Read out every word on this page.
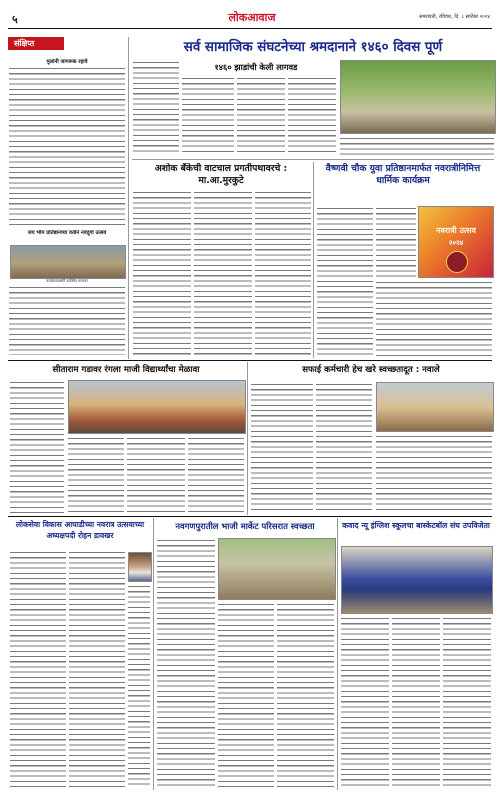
५	लोकआवाज	अमरावती, रविवार, दि. ८ सप्टेंबर २०२४
संक्षिप्त
मुलांनी जागरूक रहावे
जय भीम प्रतिष्ठानच्या वतीने नवदुर्गा उत्सव
कार्यक्रमाप्रसंगी उपस्थित मान्यवर
सर्व सामाजिक संघटनेच्या श्रमदानाने १४६० दिवस पूर्ण
१४६० झाडांची केली लागवड
अशोक बँकेची वाटचाल प्रगतीपथावरचे : मा.आ.मुरकुटे
वैष्णवी चौक युवा प्रतिष्ठानमार्फत नवरात्रीनिमित्त धार्मिक कार्यक्रम
नवरात्री उत्सव
२०२४
सीताराम गडावर रंगला माजी विद्यार्थ्यांचा मेळावा	सफाई कर्मचारी हेच खरे स्वच्छतादूत : नवाले
लोकसेवा विकास आघाडीच्या नवरात्र उत्सवाच्या अध्यक्षपदी रोहन डावखर
नवगणपुरातील भाजी मार्केट परिसरात स्वच्छता	कवाद न्यू इंग्लिश स्कूलचा बास्केटबॉल संघ उपविजेता
